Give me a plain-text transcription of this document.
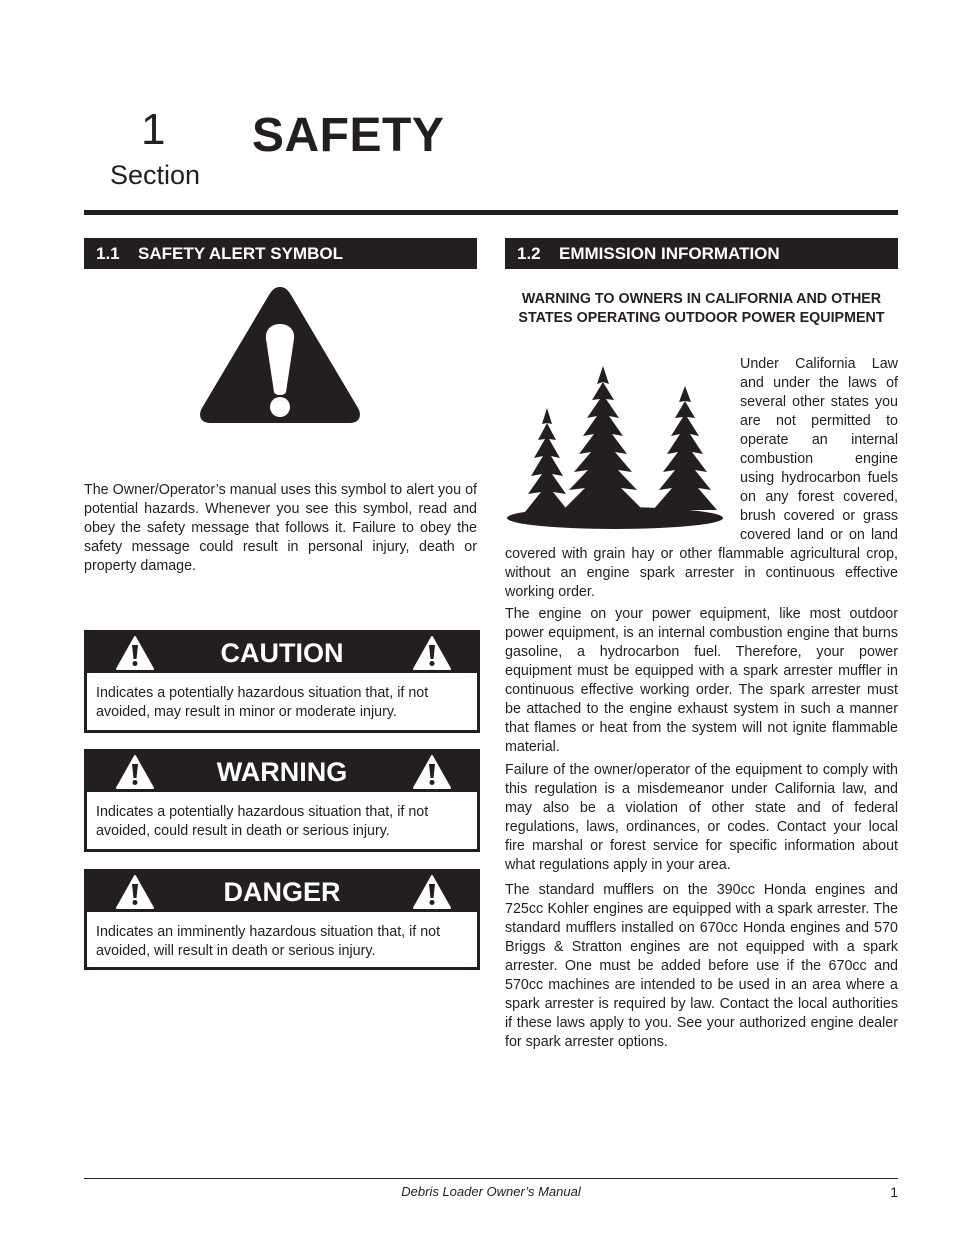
1
Section
SAFETY
1.1 SAFETY ALERT SYMBOL
The Owner/Operator’s manual uses this symbol to alert you of potential hazards. Whenever you see this symbol, read and obey the safety message that follows it. Failure to obey the safety message could result in personal injury, death or property damage.
CAUTION
Indicates a potentially hazardous situation that, if not avoided, may result in minor or moderate injury.
WARNING
Indicates a potentially hazardous situation that, if not avoided, could result in death or serious injury.
DANGER
Indicates an imminently hazardous situation that, if not avoided, will result in death or serious injury.
1.2 EMMISSION INFORMATION
WARNING TO OWNERS IN CALIFORNIA AND OTHER STATES OPERATING OUTDOOR POWER EQUIPMENT
Under California Law and under the laws of several other states you are not permitted to operate an internal combustion engine using hydrocarbon fuels on any forest covered, brush covered or grass covered land or on land covered with grain hay or other flammable agricultural crop, without an engine spark arrester in continuous effective working order.
The engine on your power equipment, like most outdoor power equipment, is an internal combustion engine that burns gasoline, a hydrocarbon fuel. Therefore, your power equipment must be equipped with a spark arrester muffler in continuous effective working order. The spark arrester must be attached to the engine exhaust system in such a manner that flames or heat from the system will not ignite flammable material.
Failure of the owner/operator of the equipment to comply with this regulation is a misdemeanor under California law, and may also be a violation of other state and of federal regulations, laws, ordinances, or codes. Contact your local fire marshal or forest service for specific information about what regulations apply in your area.
The standard mufflers on the 390cc Honda engines and 725cc Kohler engines are equipped with a spark arrester. The standard mufflers installed on 670cc Honda engines and 570 Briggs & Stratton engines are not equipped with a spark arrester. One must be added before use if the 670cc and 570cc machines are intended to be used in an area where a spark arrester is required by law. Contact the local authorities if these laws apply to you. See your authorized engine dealer for spark arrester options.
Debris Loader Owner’s Manual	1
